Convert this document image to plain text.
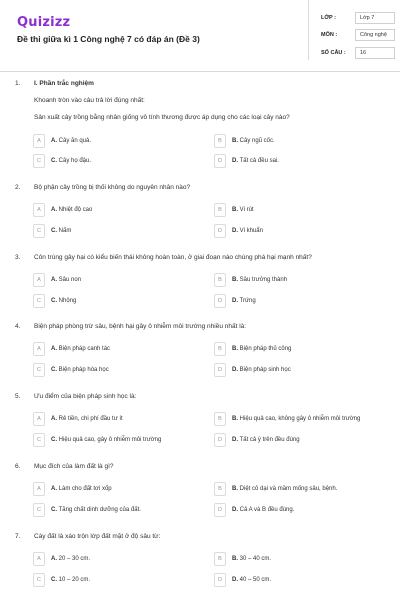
Quizizz
Đề thi giữa kì 1 Công nghệ 7 có đáp án (Đề 3)
LỚP :	Lớp 7
MÔN :	Công nghệ
SỐ CÂU :	16
1. I. Phần trắc nghiệm
Khoanh tròn vào câu trả lời đúng nhất:
Sản xuất cây trồng bằng nhân giống vô tính thương được áp dụng cho các loại cây nào?
A	A. Cây ăn quả.	B	B. Cây ngũ cốc.
C	C. Cây họ đậu.	D	D. Tất cả đều sai.
2. Bộ phận cây trồng bị thối không do nguyên nhân nào?
A	A. Nhiệt độ cao	B	B. Vi rút
C	C. Nấm	D	D. Vi khuẩn
3. Côn trùng gây hại có kiểu biến thái không hoàn toàn, ở giai đoạn nào chúng phá hại mạnh nhất?
A	A. Sâu non	B	B. Sâu trưởng thành
C	C. Nhộng	D	D. Trứng
4. Biện pháp phòng trừ sâu, bệnh hại gây ô nhiễm môi trường nhiều nhất là:
A	A. Biện pháp canh tác	B	B. Biện pháp thủ công
C	C. Biện pháp hóa học	D	D. Biện pháp sinh học
5. Ưu điểm của biện pháp sinh học là:
A	A. Rẻ tiền, chi phí đầu tư ít	B	B. Hiệu quả cao, không gây ô nhiễm môi trường
C	C. Hiệu quả cao, gây ô nhiễm môi trường	D	D. Tất cả ý trên đều đúng
6. Mục đích của làm đất là gì?
A	A. Làm cho đất tơi xốp	B	B. Diệt cỏ dại và mầm mống sâu, bệnh.
C	C. Tăng chất dinh dưỡng của đất.	D	D. Cả A và B đều đúng.
7. Cày đất là xáo trộn lớp đất mặt ở độ sâu từ:
A	A. 20 – 30 cm.	B	B. 30 – 40 cm.
C	C. 10 – 20 cm.	D	D. 40 – 50 cm.
